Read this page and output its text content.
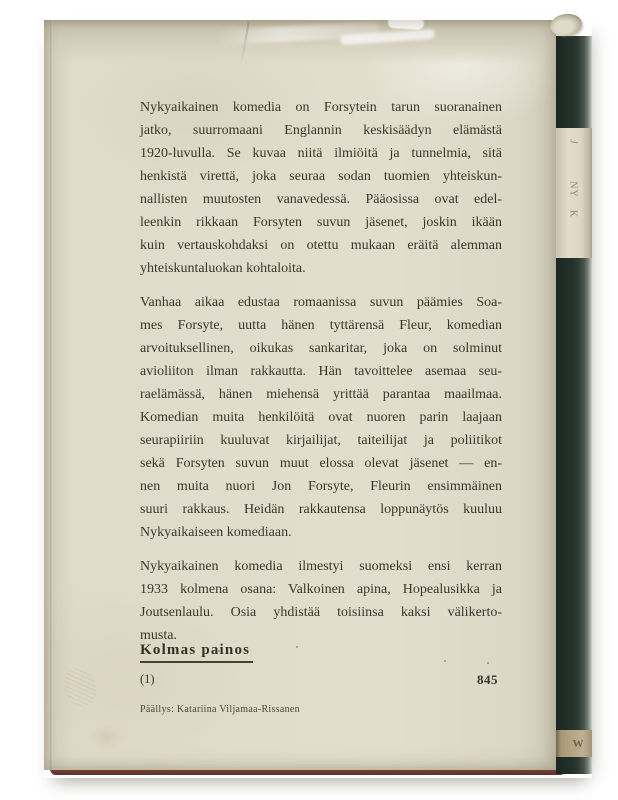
Nykyaikainen komedia on Forsytein tarun suoranainen
jatko, suurromaani Englannin keskisäädyn elämästä
1920-luvulla. Se kuvaa niitä ilmiöitä ja tunnelmia, sitä
henkistä virettä, joka seuraa sodan tuomien yhteiskun-
nallisten muutosten vanavedessä. Pääosissa ovat edel-
leenkin rikkaan Forsyten suvun jäsenet, joskin ikään
kuin vertauskohdaksi on otettu mukaan eräitä alemman
yhteiskuntaluokan kohtaloita.
Vanhaa aikaa edustaa romaanissa suvun päämies Soa-
mes Forsyte, uutta hänen tyttärensä Fleur, komedian
arvoituksellinen, oikukas sankaritar, joka on solminut
avioliiton ilman rakkautta. Hän tavoittelee asemaa seu-
raelämässä, hänen miehensä yrittää parantaa maailmaa.
Komedian muita henkilöitä ovat nuoren parin laajaan
seurapiiriin kuuluvat kirjailijat, taiteilijat ja poliitikot
sekä Forsyten suvun muut elossa olevat jäsenet — en-
nen muita nuori Jon Forsyte, Fleurin ensimmäinen
suuri rakkaus. Heidän rakkautensa loppunäytös kuuluu
Nykyaikaiseen komediaan.
Nykyaikainen komedia ilmestyi suomeksi ensi kerran
1933 kolmena osana: Valkoinen apina, Hopealusikka ja
Joutsenlaulu. Osia yhdistää toisiinsa kaksi välikerto-
musta.
Kolmas painos
(1)	845
Päällys: Katariina Viljamaa-Rissanen
J
NY
K
W
